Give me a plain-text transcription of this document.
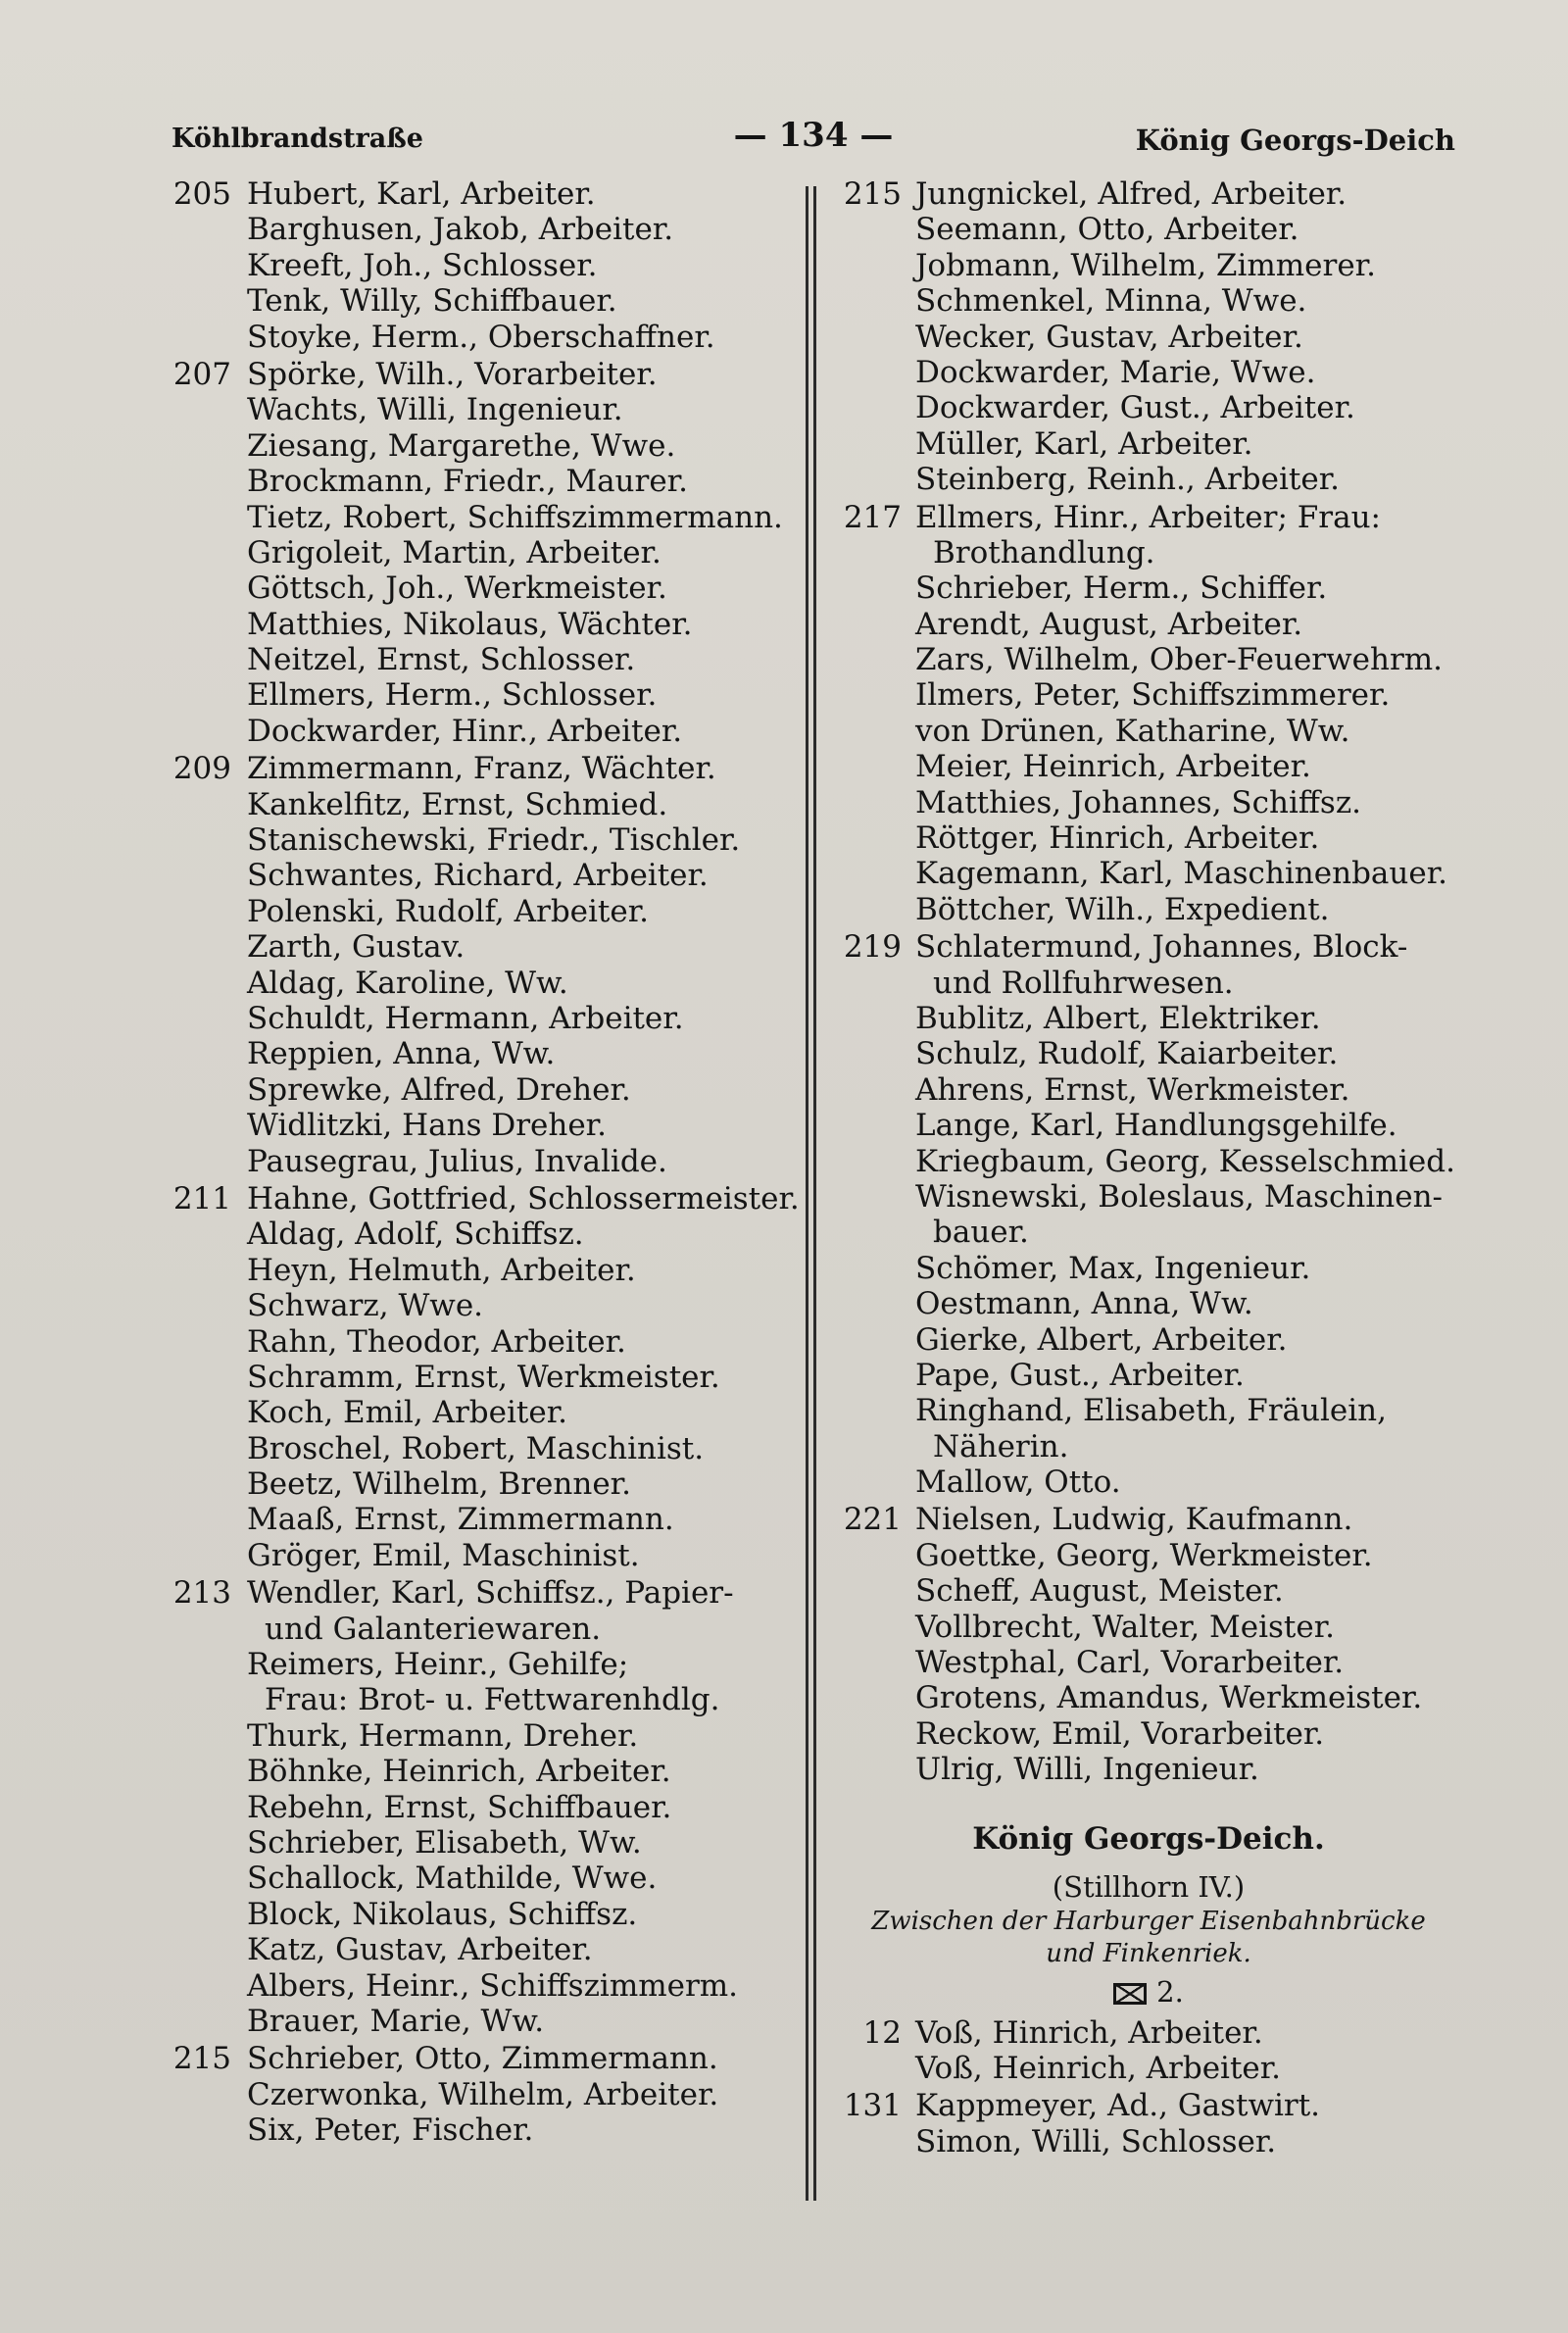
Köhlbrandstraße	— 134 —	König Georgs-Deich
205 Hubert, Karl, Arbeiter.
Barghusen, Jakob, Arbeiter.
Kreeft, Joh., Schlosser.
Tenk, Willy, Schiffbauer.
Stoyke, Herm., Oberschaffner.
207 Spörke, Wilh., Vorarbeiter.
Wachts, Willi, Ingenieur.
Ziesang, Margarethe, Wwe.
Brockmann, Friedr., Maurer.
Tietz, Robert, Schiffszimmermann.
Grigoleit, Martin, Arbeiter.
Göttsch, Joh., Werkmeister.
Matthies, Nikolaus, Wächter.
Neitzel, Ernst, Schlosser.
Ellmers, Herm., Schlosser.
Dockwarder, Hinr., Arbeiter.
209 Zimmermann, Franz, Wächter.
Kankelfitz, Ernst, Schmied.
Stanischewski, Friedr., Tischler.
Schwantes, Richard, Arbeiter.
Polenski, Rudolf, Arbeiter.
Zarth, Gustav.
Aldag, Karoline, Ww.
Schuldt, Hermann, Arbeiter.
Reppien, Anna, Ww.
Sprewke, Alfred, Dreher.
Widlitzki, Hans Dreher.
Pausegrau, Julius, Invalide.
211 Hahne, Gottfried, Schlossermeister.
Aldag, Adolf, Schiffsz.
Heyn, Helmuth, Arbeiter.
Schwarz, Wwe.
Rahn, Theodor, Arbeiter.
Schramm, Ernst, Werkmeister.
Koch, Emil, Arbeiter.
Broschel, Robert, Maschinist.
Beetz, Wilhelm, Brenner.
Maaß, Ernst, Zimmermann.
Gröger, Emil, Maschinist.
213 Wendler, Karl, Schiffsz., Papier-
und Galanteriewaren.
Reimers, Heinr., Gehilfe;
Frau: Brot- u. Fettwarenhdlg.
Thurk, Hermann, Dreher.
Böhnke, Heinrich, Arbeiter.
Rebehn, Ernst, Schiffbauer.
Schrieber, Elisabeth, Ww.
Schallock, Mathilde, Wwe.
Block, Nikolaus, Schiffsz.
Katz, Gustav, Arbeiter.
Albers, Heinr., Schiffszimmerm.
Brauer, Marie, Ww.
215 Schrieber, Otto, Zimmermann.
Czerwonka, Wilhelm, Arbeiter.
Six, Peter, Fischer.
215 Jungnickel, Alfred, Arbeiter.
Seemann, Otto, Arbeiter.
Jobmann, Wilhelm, Zimmerer.
Schmenkel, Minna, Wwe.
Wecker, Gustav, Arbeiter.
Dockwarder, Marie, Wwe.
Dockwarder, Gust., Arbeiter.
Müller, Karl, Arbeiter.
Steinberg, Reinh., Arbeiter.
217 Ellmers, Hinr., Arbeiter; Frau:
Brothandlung.
Schrieber, Herm., Schiffer.
Arendt, August, Arbeiter.
Zars, Wilhelm, Ober-Feuerwehrm.
Ilmers, Peter, Schiffszimmerer.
von Drünen, Katharine, Ww.
Meier, Heinrich, Arbeiter.
Matthies, Johannes, Schiffsz.
Röttger, Hinrich, Arbeiter.
Kagemann, Karl, Maschinenbauer.
Böttcher, Wilh., Expedient.
219 Schlatermund, Johannes, Block-
und Rollfuhrwesen.
Bublitz, Albert, Elektriker.
Schulz, Rudolf, Kaiarbeiter.
Ahrens, Ernst, Werkmeister.
Lange, Karl, Handlungsgehilfe.
Kriegbaum, Georg, Kesselschmied.
Wisnewski, Boleslaus, Maschinen-
bauer.
Schömer, Max, Ingenieur.
Oestmann, Anna, Ww.
Gierke, Albert, Arbeiter.
Pape, Gust., Arbeiter.
Ringhand, Elisabeth, Fräulein,
Näherin.
Mallow, Otto.
221 Nielsen, Ludwig, Kaufmann.
Goettke, Georg, Werkmeister.
Scheff, August, Meister.
Vollbrecht, Walter, Meister.
Westphal, Carl, Vorarbeiter.
Grotens, Amandus, Werkmeister.
Reckow, Emil, Vorarbeiter.
Ulrig, Willi, Ingenieur.
König Georgs-Deich.
(Stillhorn IV.)
Zwischen der Harburger Eisenbahnbrücke
und Finkenriek.
2.
12 Voß, Hinrich, Arbeiter.
Voß, Heinrich, Arbeiter.
131 Kappmeyer, Ad., Gastwirt.
Simon, Willi, Schlosser.
